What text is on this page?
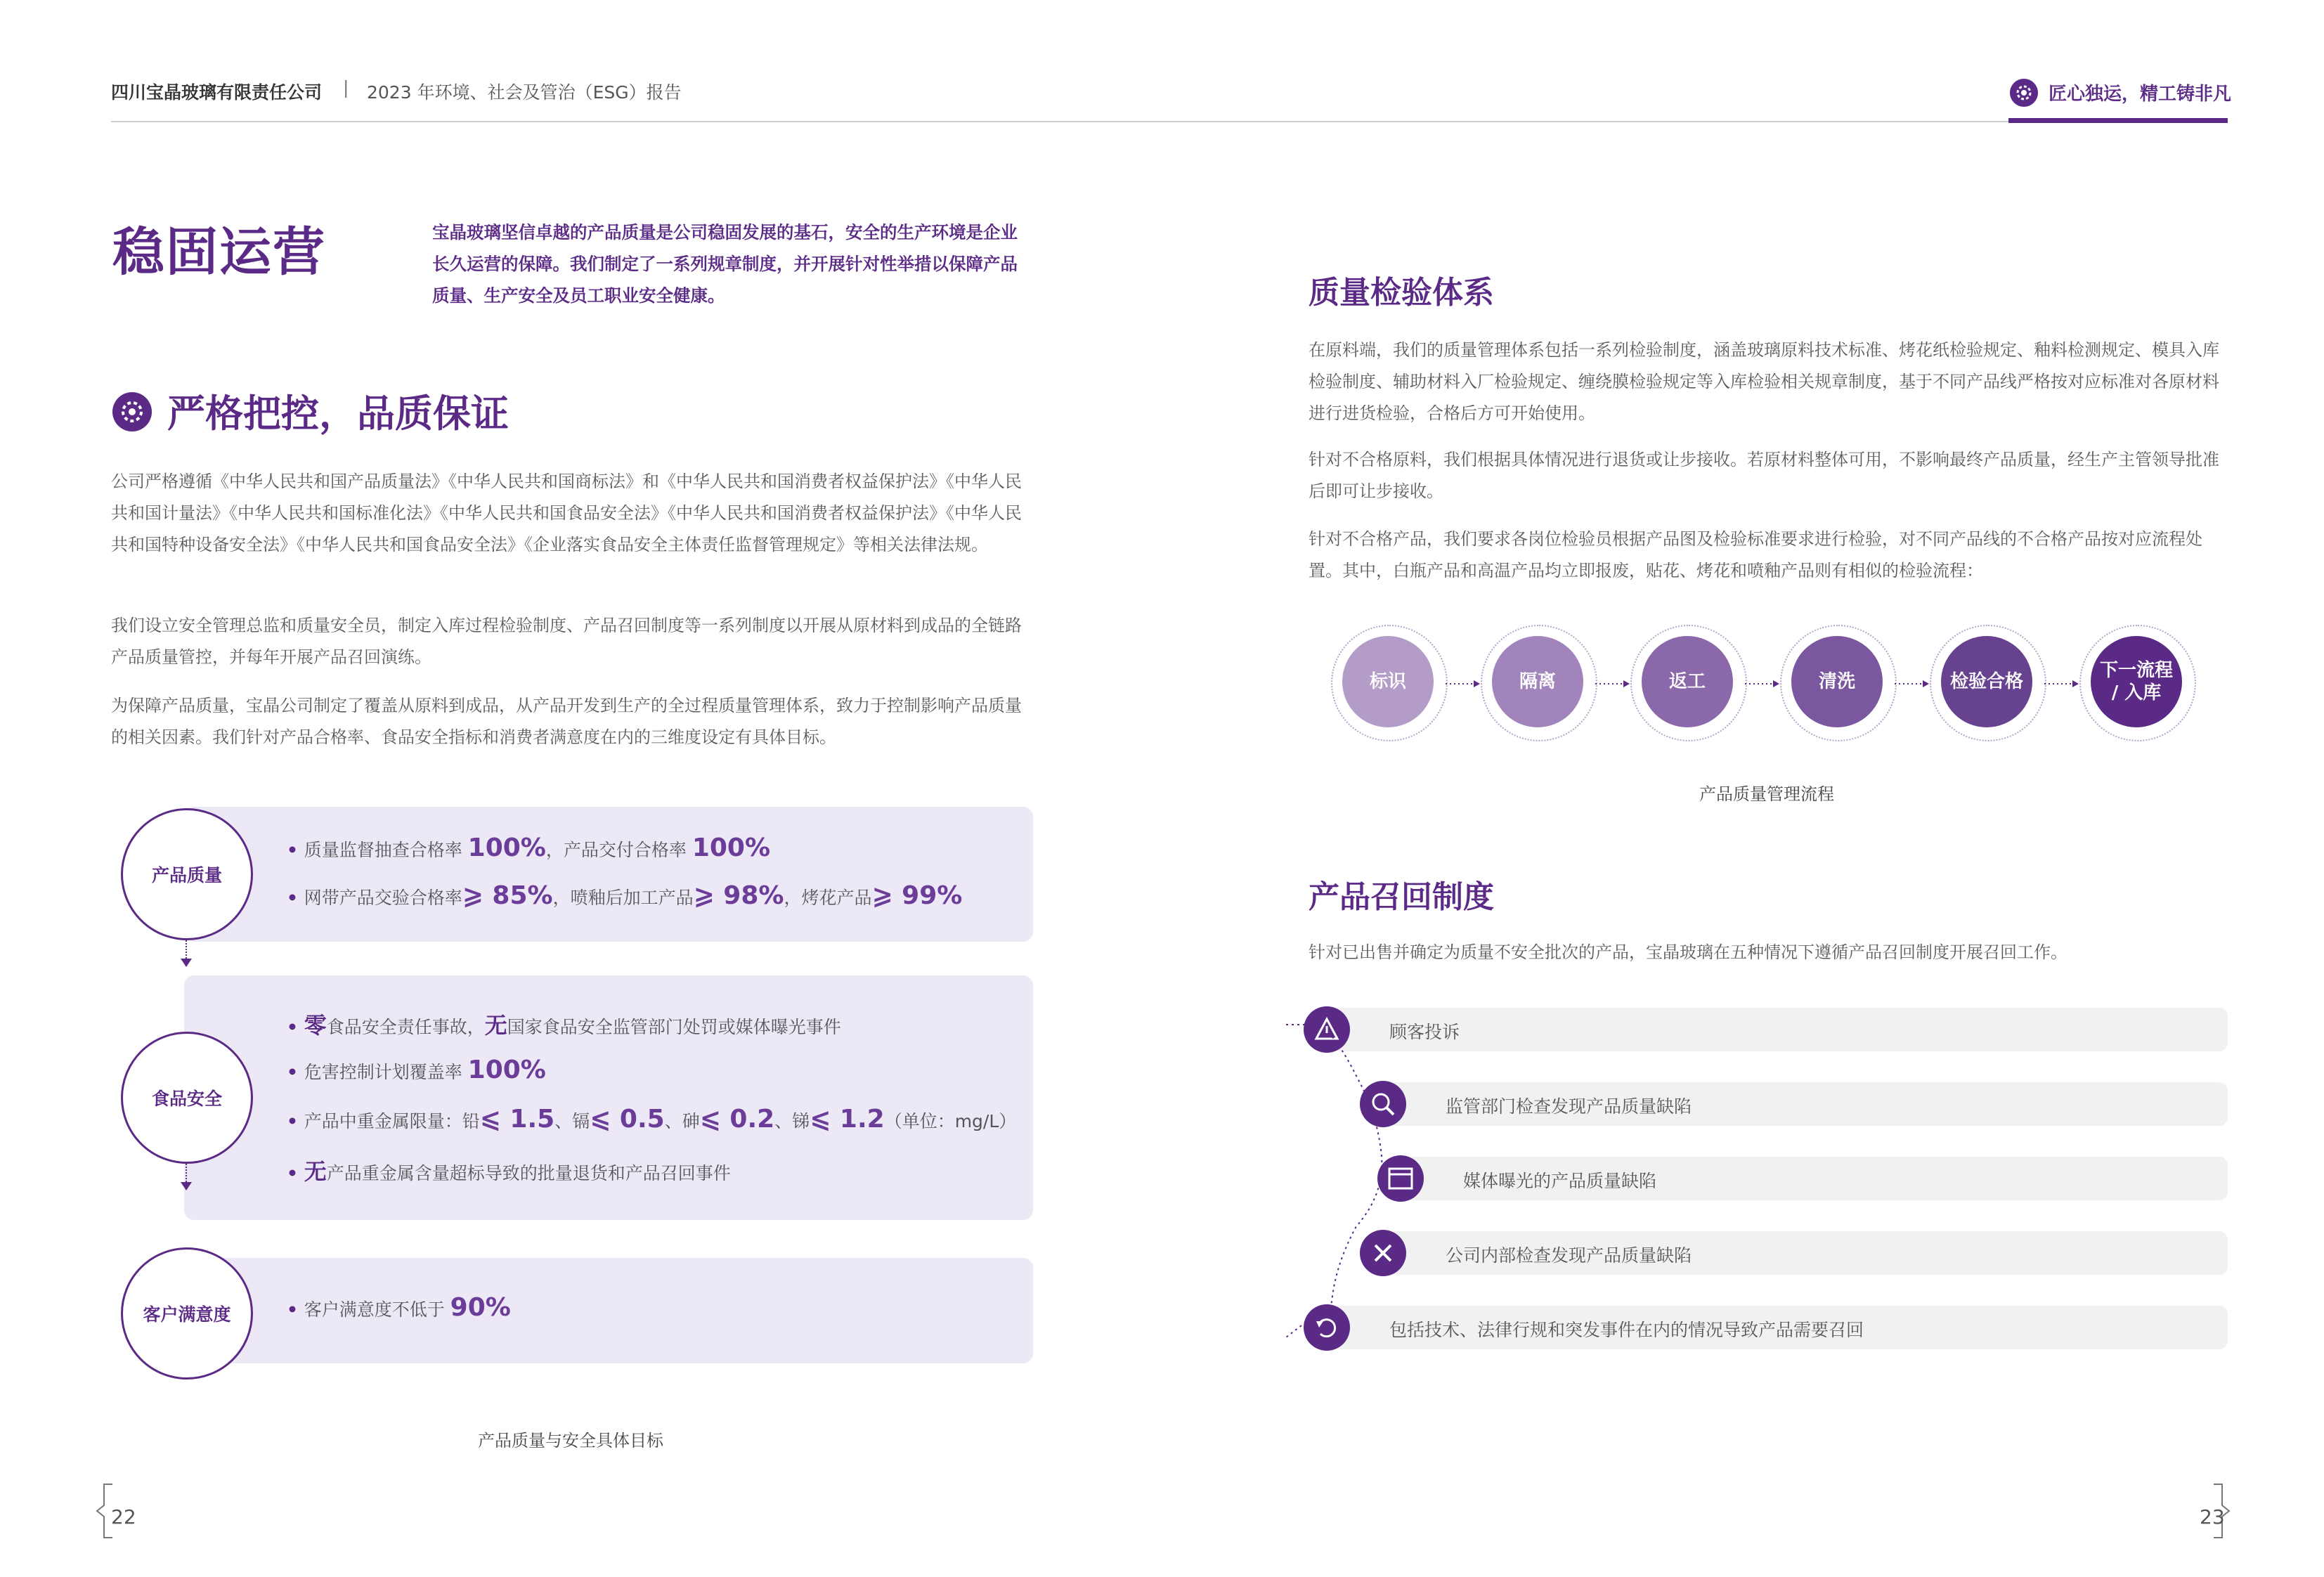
四川宝晶玻璃有限责任公司 | 2023 年环境、社会及管治（ESG）报告	匠心独运，精工铸非凡
稳固运营	宝晶玻璃坚信卓越的产品质量是公司稳固发展的基石，安全的生产环境是企业长久运营的保障。我们制定了一系列规章制度，并开展针对性举措以保障产品质量、生产安全及员工职业安全健康。
严格把控，品质保证
公司严格遵循《中华人民共和国产品质量法》《中华人民共和国商标法》和《中华人民共和国消费者权益保护法》《中华人民共和国计量法》《中华人民共和国标准化法》《中华人民共和国食品安全法》《中华人民共和国消费者权益保护法》《中华人民共和国特种设备安全法》《中华人民共和国食品安全法》《企业落实食品安全主体责任监督管理规定》等相关法律法规。
我们设立安全管理总监和质量安全员，制定入库过程检验制度、产品召回制度等一系列制度以开展从原材料到成品的全链路产品质量管控，并每年开展产品召回演练。
为保障产品质量，宝晶公司制定了覆盖从原料到成品，从产品开发到生产的全过程质量管理体系，致力于控制影响产品质量的相关因素。我们针对产品合格率、食品安全指标和消费者满意度在内的三维度设定有具体目标。
产品质量
食品安全
客户满意度
• 质量监督抽查合格率 100%，产品交付合格率 100%
• 网带产品交验合格率⩾ 85%，喷釉后加工产品⩾ 98%，烤花产品⩾ 99%
• 零食品安全责任事故，无国家食品安全监管部门处罚或媒体曝光事件
• 危害控制计划覆盖率 100%
• 产品中重金属限量：铅⩽ 1.5、镉⩽ 0.5、砷⩽ 0.2、锑⩽ 1.2（单位：mg/L）
• 无产品重金属含量超标导致的批量退货和产品召回事件
• 客户满意度不低于 90%
产品质量与安全具体目标
22
质量检验体系
在原料端，我们的质量管理体系包括一系列检验制度，涵盖玻璃原料技术标准、烤花纸检验规定、釉料检测规定、模具入库检验制度、辅助材料入厂检验规定、缠绕膜检验规定等入库检验相关规章制度，基于不同产品线严格按对应标准对各原材料进行进货检验，合格后方可开始使用。
针对不合格原料，我们根据具体情况进行退货或让步接收。若原材料整体可用，不影响最终产品质量，经生产主管领导批准后即可让步接收。
针对不合格产品，我们要求各岗位检验员根据产品图及检验标准要求进行检验，对不同产品线的不合格产品按对应流程处置。其中，白瓶产品和高温产品均立即报废，贴花、烤花和喷釉产品则有相似的检验流程：
标识	隔离	返工	清洗	检验合格
下一流程
/ 入库
产品质量管理流程
产品召回制度
针对已出售并确定为质量不安全批次的产品，宝晶玻璃在五种情况下遵循产品召回制度开展召回工作。
顾客投诉
监管部门检查发现产品质量缺陷
媒体曝光的产品质量缺陷
公司内部检查发现产品质量缺陷
包括技术、法律行规和突发事件在内的情况导致产品需要召回
23
